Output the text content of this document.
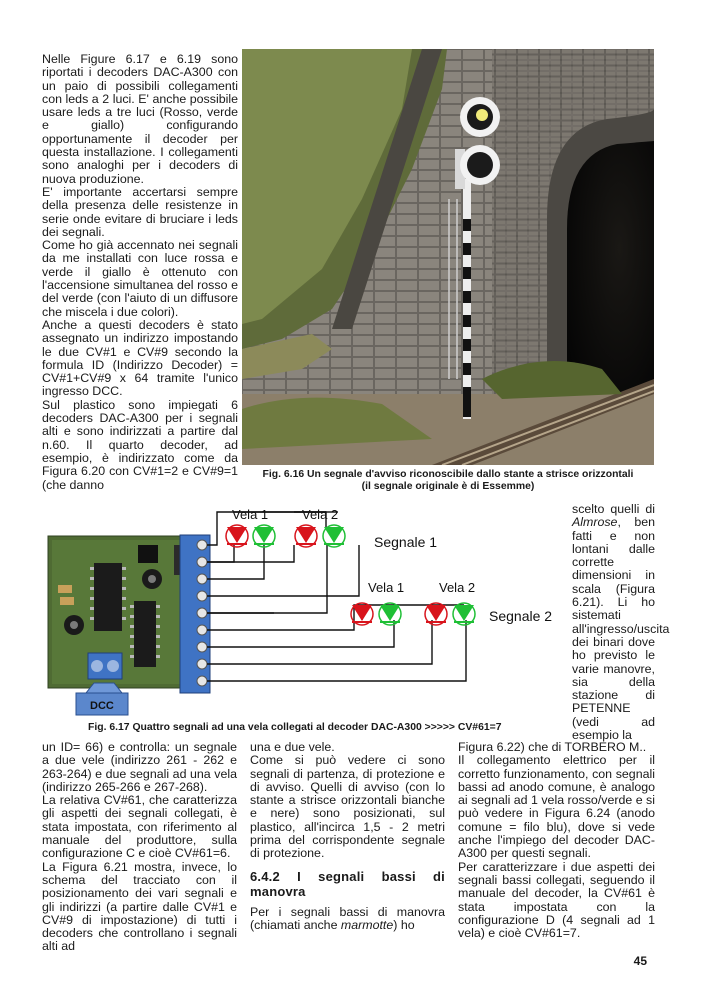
Nelle Figure 6.17 e 6.19 sono riportati i decoders DAC-A300 con un paio di possibili collegamenti con leds a 2 luci. E' anche possibile usare leds a tre luci (Rosso, verde e giallo) configurando opportunamente il decoder per questa installazione. I collegamenti sono analoghi per i decoders di nuova produzione.

E' importante accertarsi sempre della presenza delle resistenze in serie onde evitare di bruciare i leds dei segnali.

Come ho già accennato nei segnali da me installati con luce rossa e verde il giallo è ottenuto con l'accensione simultanea del rosso e del verde (con l'aiuto di un diffusore che miscela i due colori).

Anche a questi decoders è stato assegnato un indirizzo impostando le due CV#1 e CV#9 secondo la formula ID (Indirizzo Decoder) = CV#1+CV#9 x 64 tramite l'unico ingresso DCC.

Sul plastico sono impiegati 6 decoders DAC-A300 per i segnali alti e sono indirizzati a partire dal n.60. Il quarto decoder, ad esempio, è indirizzato come da Figura 6.20 con CV#1=2 e CV#9=1 (che danno

Fig. 6.16 Un segnale d'avviso riconoscibile dallo stante a strisce orizzontali
(il segnale originale è di Essemme)
Vela 1	Vela 2
Segnale 1
Vela 1	Vela 2
Segnale 2
DCC
Fig. 6.17 Quattro segnali ad una vela collegati al decoder DAC-A300 >>>>> CV#61=7

scelto quelli di Almrose, ben fatti e non lontani dalle corrette dimensioni in scala (Figura 6.21). Li ho sistemati all'ingresso/uscita dei binari dove ho previsto le varie manovre, sia della stazione di PETENNE (vedi ad esempio la

un ID= 66) e controlla: un segnale a due vele (indirizzo 261 - 262 e 263-264) e due segnali ad una vela (indirizzo 265-266 e 267-268).

La relativa CV#61, che caratterizza gli aspetti dei segnali collegati, è stata impostata, con riferimento al manuale del produttore, sulla configurazione C e cioè CV#61=6.

La Figura 6.21 mostra, invece, lo schema del tracciato con il posizionamento dei vari segnali e gli indirizzi (a partire dalle CV#1 e CV#9 di impostazione) di tutti i decoders che controllano i segnali alti ad

una e due vele.

Come si può vedere ci sono segnali di partenza, di protezione e di avviso. Quelli di avviso (con lo stante a strisce orizzontali bianche e nere) sono posizionati, sul plastico, all'incirca 1,5 - 2 metri prima del corrispondente segnale di protezione.

6.4.2 I segnali bassi di manovra

Per i segnali bassi di manovra (chiamati anche marmotte) ho

Figura 6.22) che di TORBERO M..

Il collegamento elettrico per il corretto funzionamento, con segnali bassi ad anodo comune, è analogo ai segnali ad 1 vela rosso/verde e si può vedere in Figura 6.24 (anodo comune = filo blu), dove si vede anche l'impiego del decoder DAC-A300 per questi segnali.

Per caratterizzare i due aspetti dei segnali bassi collegati, seguendo il manuale del decoder, la CV#61 è stata impostata con la configurazione D (4 segnali ad 1 vela) e cioè CV#61=7.

45
